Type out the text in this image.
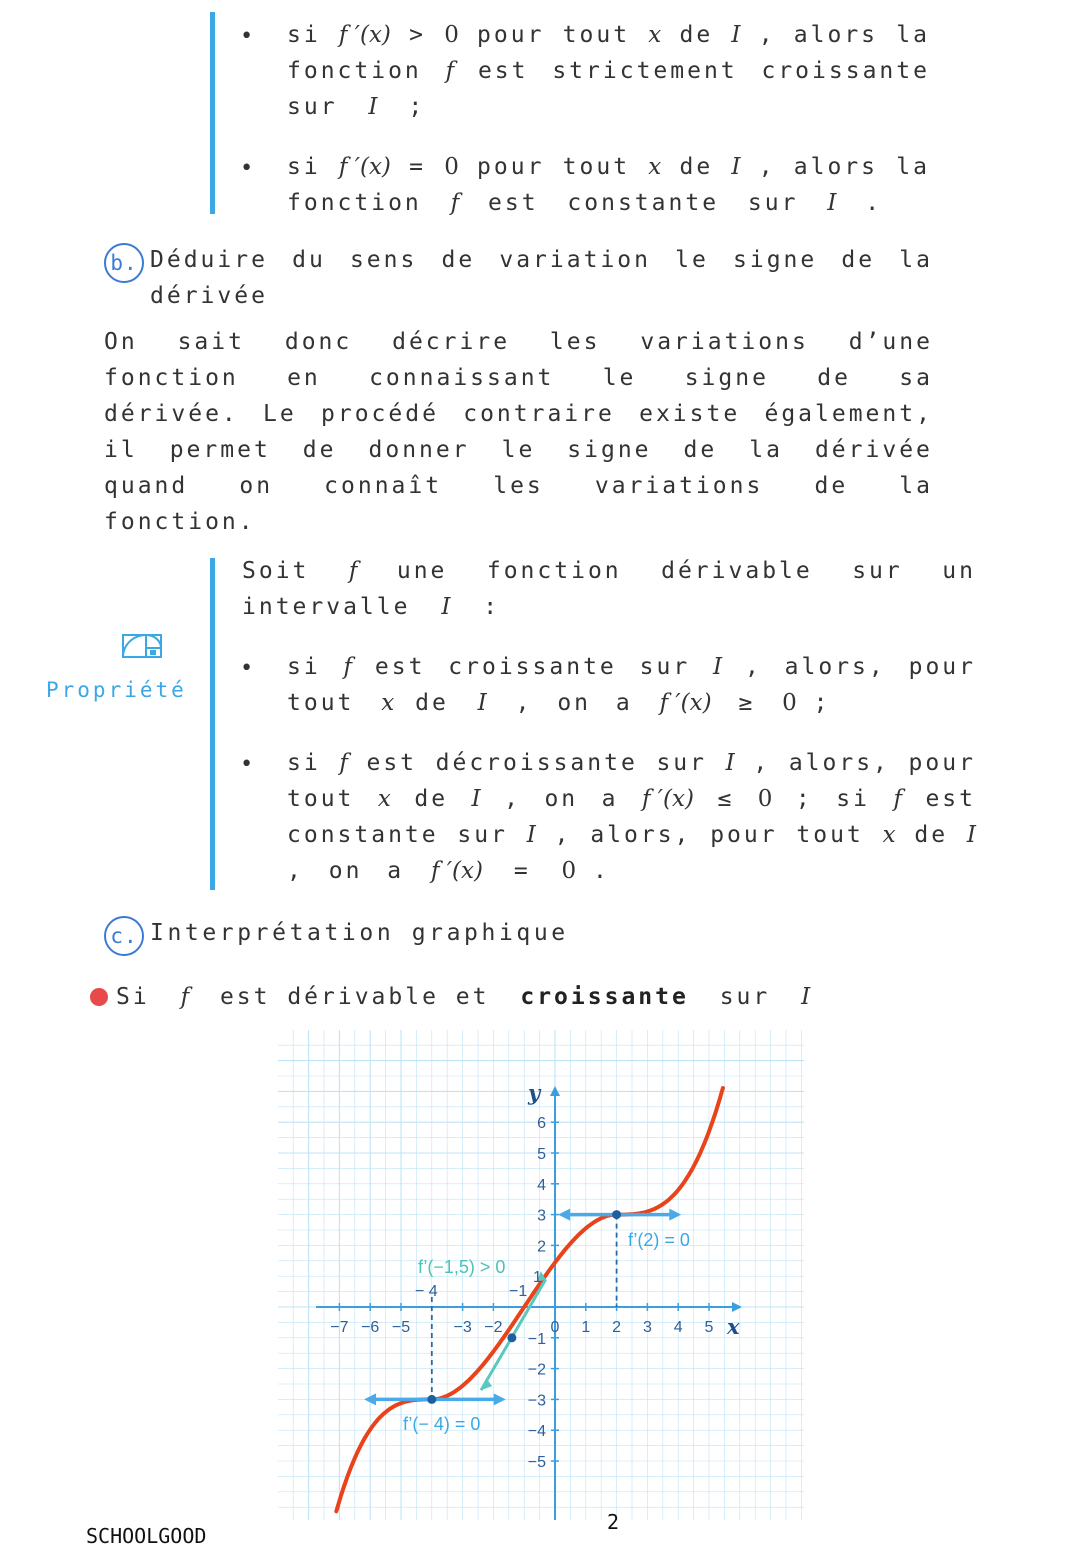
• si f ′(x) > 0 pour tout x de I , alors la
fonction f est strictement croissante
sur I ;
• si f ′(x) = 0 pour tout x de I , alors la
fonction f est constante sur I .
b. Déduire du sens de variation le signe de la
dérivée
On sait donc décrire les variations d’une
fonction en connaissant le signe de sa
dérivée. Le procédé contraire existe également,
il permet de donner le signe de la dérivée
quand on connaît les variations de la
fonction.
Propriété
Soit f une fonction dérivable sur un
intervalle I :
• si f est croissante sur I , alors, pour
tout x de I , on a f ′(x) ≥ 0 ;
• si f est décroissante sur I , alors, pour
tout x de I , on a f ′(x) ≤ 0 ; si f est
constante sur I , alors, pour tout x de I
, on a f ′(x) = 0 .
c. Interprétation graphique
Si f est dérivable et croissante sur I
−7 −6 −5	−3 −2	0 1 2 3 4 5
6
5
4
3
2
−1
−2
−3
−4
−5
x
y
f’(2) = 0
f’(−1,5) > 0
f’(− 4) = 0
− 4	−1
1
SCHOOLGOOD
2
